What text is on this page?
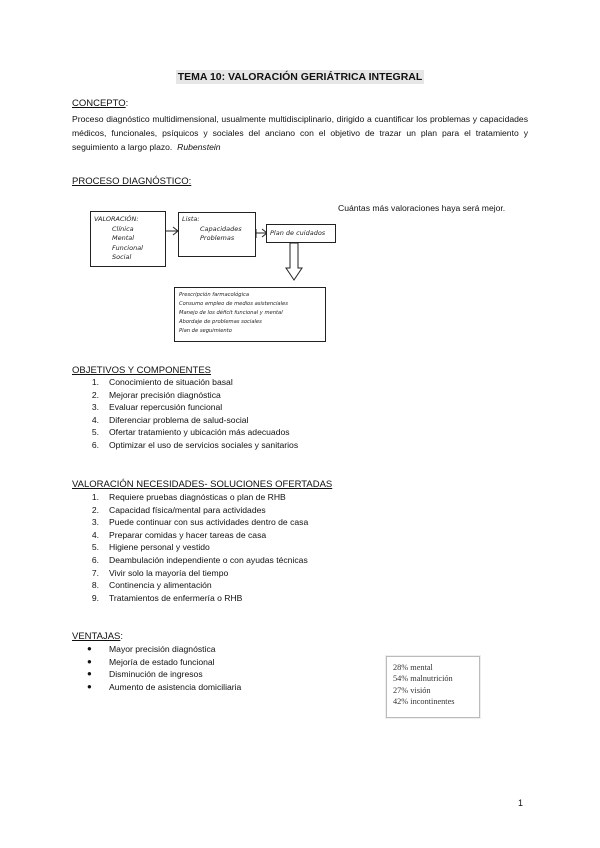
TEMA 10: VALORACIÓN GERIÁTRICA INTEGRAL
CONCEPTO:
Proceso diagnóstico multidimensional, usualmente multidisciplinario, dirigido a cuantificar los problemas y capacidades médicos, funcionales, psíquicos y sociales del anciano con el objetivo de trazar un plan para el tratamiento y seguimiento a largo plazo. Rubenstein
PROCESO DIAGNÓSTICO:
Cuántas más valoraciones haya será mejor.
VALORACIÓN:
Clínica
Mental
Funcional
Social
Lista:
Capacidades
Problemas
Plan de cuidados
Prescripción farmacológica
Consumo empleo de medios asistenciales
Manejo de los déficit funcional y mental
Abordaje de problemas sociales
Plan de seguimiento
OBJETIVOS Y COMPONENTES
1. Conocimiento de situación basal
2. Mejorar precisión diagnóstica
3. Evaluar repercusión funcional
4. Diferenciar problema de salud-social
5. Ofertar tratamiento y ubicación más adecuados
6. Optimizar el uso de servicios sociales y sanitarios
VALORACIÓN NECESIDADES- SOLUCIONES OFERTADAS
1. Requiere pruebas diagnósticas o plan de RHB
2. Capacidad física/mental para actividades
3. Puede continuar con sus actividades dentro de casa
4. Preparar comidas y hacer tareas de casa
5. Higiene personal y vestido
6. Deambulación independiente o con ayudas técnicas
7. Vivir solo la mayoría del tiempo
8. Continencia y alimentación
9. Tratamientos de enfermería o RHB
VENTAJAS:
● Mayor precisión diagnóstica
● Mejoría de estado funcional
● Disminución de ingresos
● Aumento de asistencia domiciliaria
28% mental
54% malnutrición
27% visión
42% incontinentes
1
